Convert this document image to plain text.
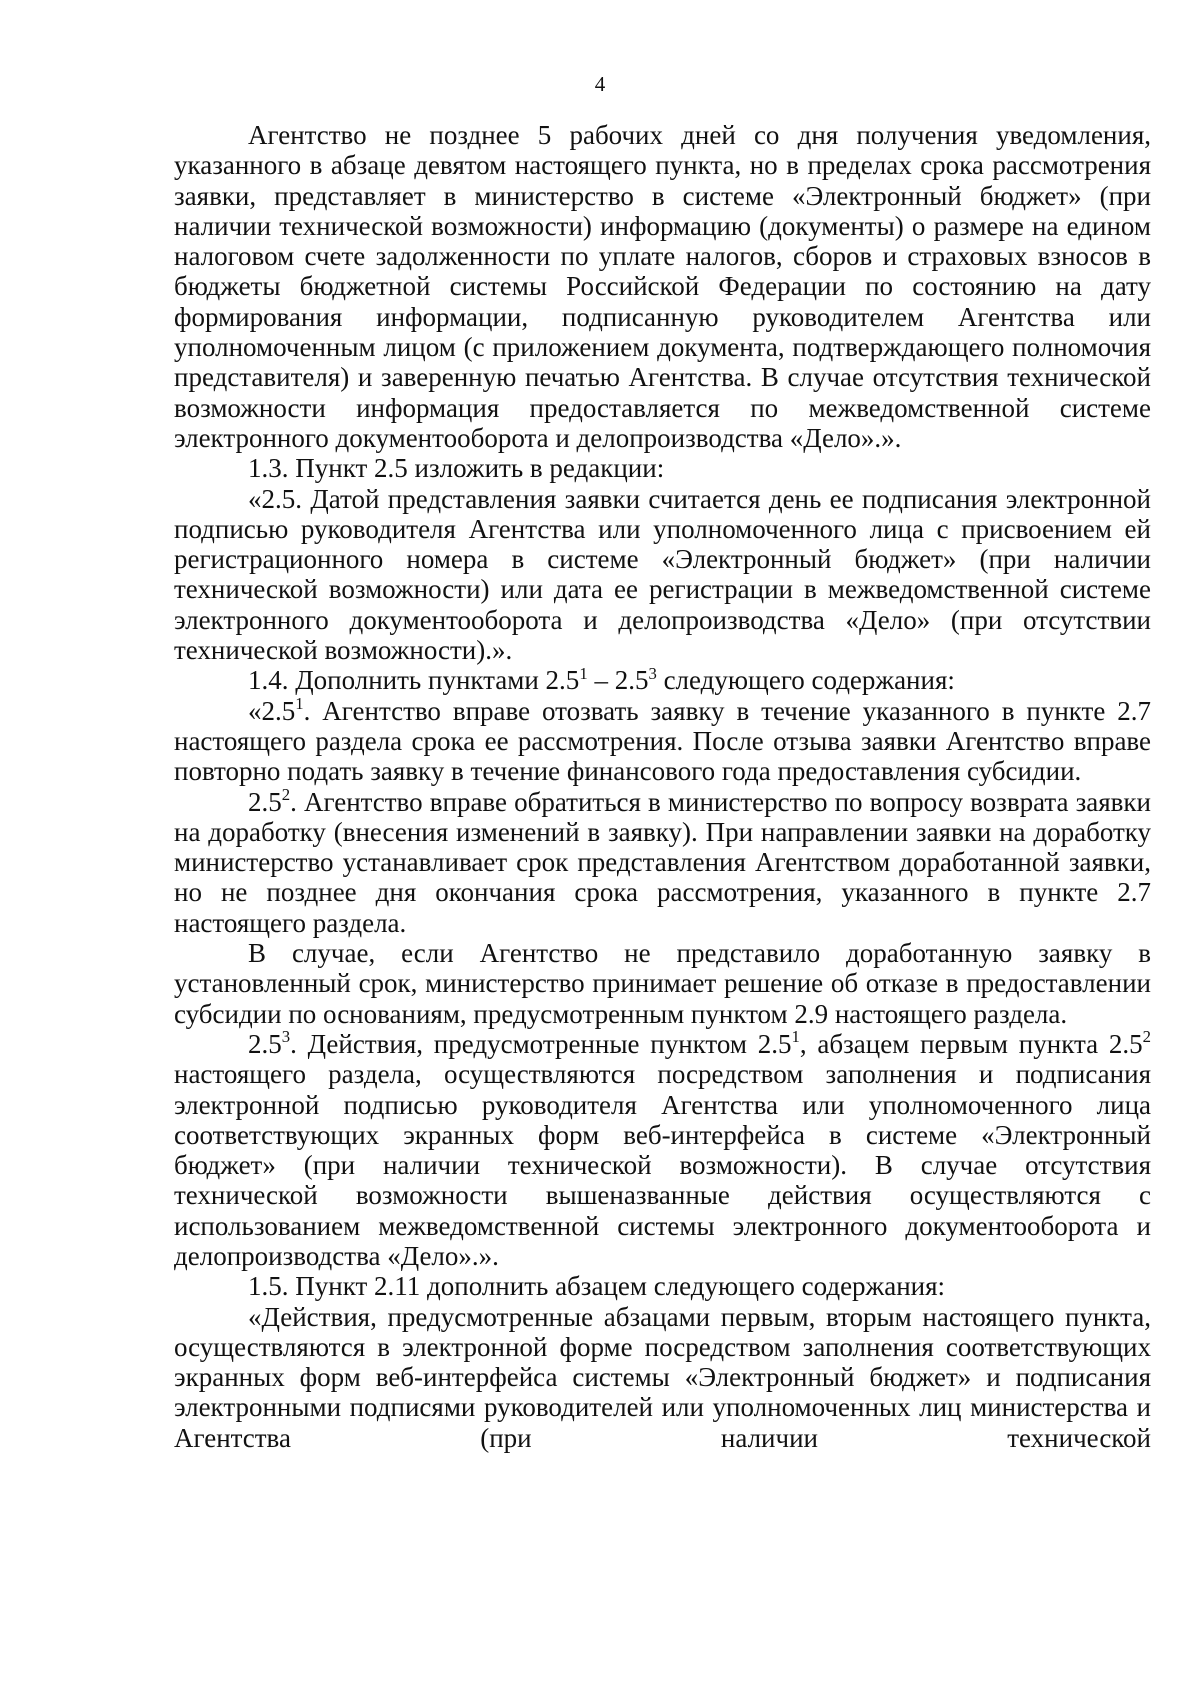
4

Агентство не позднее 5 рабочих дней со дня получения уведомления, указанного в абзаце девятом настоящего пункта, но в пределах срока рассмотрения заявки, представляет в министерство в системе «Электронный бюджет» (при наличии технической возможности) информацию (документы) о размере на едином налоговом счете задолженности по уплате налогов, сборов и страховых взносов в бюджеты бюджетной системы Российской Федерации по состоянию на дату формирования информации, подписанную руководителем Агентства или уполномоченным лицом (с приложением документа, подтверждающего полномочия представителя) и заверенную печатью Агентства. В случае отсутствия технической возможности информация предоставляется по межведомственной системе электронного документооборота и делопроизводства «Дело».».

1.3. Пункт 2.5 изложить в редакции:

«2.5. Датой представления заявки считается день ее подписания электронной подписью руководителя Агентства или уполномоченного лица с присвоением ей регистрационного номера в системе «Электронный бюджет» (при наличии технической возможности) или дата ее регистрации в межведомственной системе электронного документооборота и делопроизводства «Дело» (при отсутствии технической возможности).».

1.4. Дополнить пунктами $2.5^1 - 2.5^3$ следующего содержания:

«$2.5^1$. Агентство вправе отозвать заявку в течение указанного в пункте 2.7 настоящего раздела срока ее рассмотрения. После отзыва заявки Агентство вправе повторно подать заявку в течение финансового года предоставления субсидии.

$2.5^2$. Агентство вправе обратиться в министерство по вопросу возврата заявки на доработку (внесения изменений в заявку). При направлении заявки на доработку министерство устанавливает срок представления Агентством доработанной заявки, но не позднее дня окончания срока рассмотрения, указанного в пункте 2.7 настоящего раздела.

В случае, если Агентство не представило доработанную заявку в установленный срок, министерство принимает решение об отказе в предоставлении субсидии по основаниям, предусмотренным пунктом 2.9 настоящего раздела.

$2.5^3$. Действия, предусмотренные пунктом $2.5^1$, абзацем первым пункта $2.5^2$ настоящего раздела, осуществляются посредством заполнения и подписания электронной подписью руководителя Агентства или уполномоченного лица соответствующих экранных форм веб-интерфейса в системе «Электронный бюджет» (при наличии технической возможности). В случае отсутствия технической возможности вышеназванные действия осуществляются с использованием межведомственной системы электронного документооборота и делопроизводства «Дело».».

1.5. Пункт 2.11 дополнить абзацем следующего содержания:

«Действия, предусмотренные абзацами первым, вторым настоящего пункта, осуществляются в электронной форме посредством заполнения соответствующих экранных форм веб-интерфейса системы «Электронный бюджет» и подписания электронными подписями руководителей или уполномоченных лиц министерства и Агентства (при наличии технической
